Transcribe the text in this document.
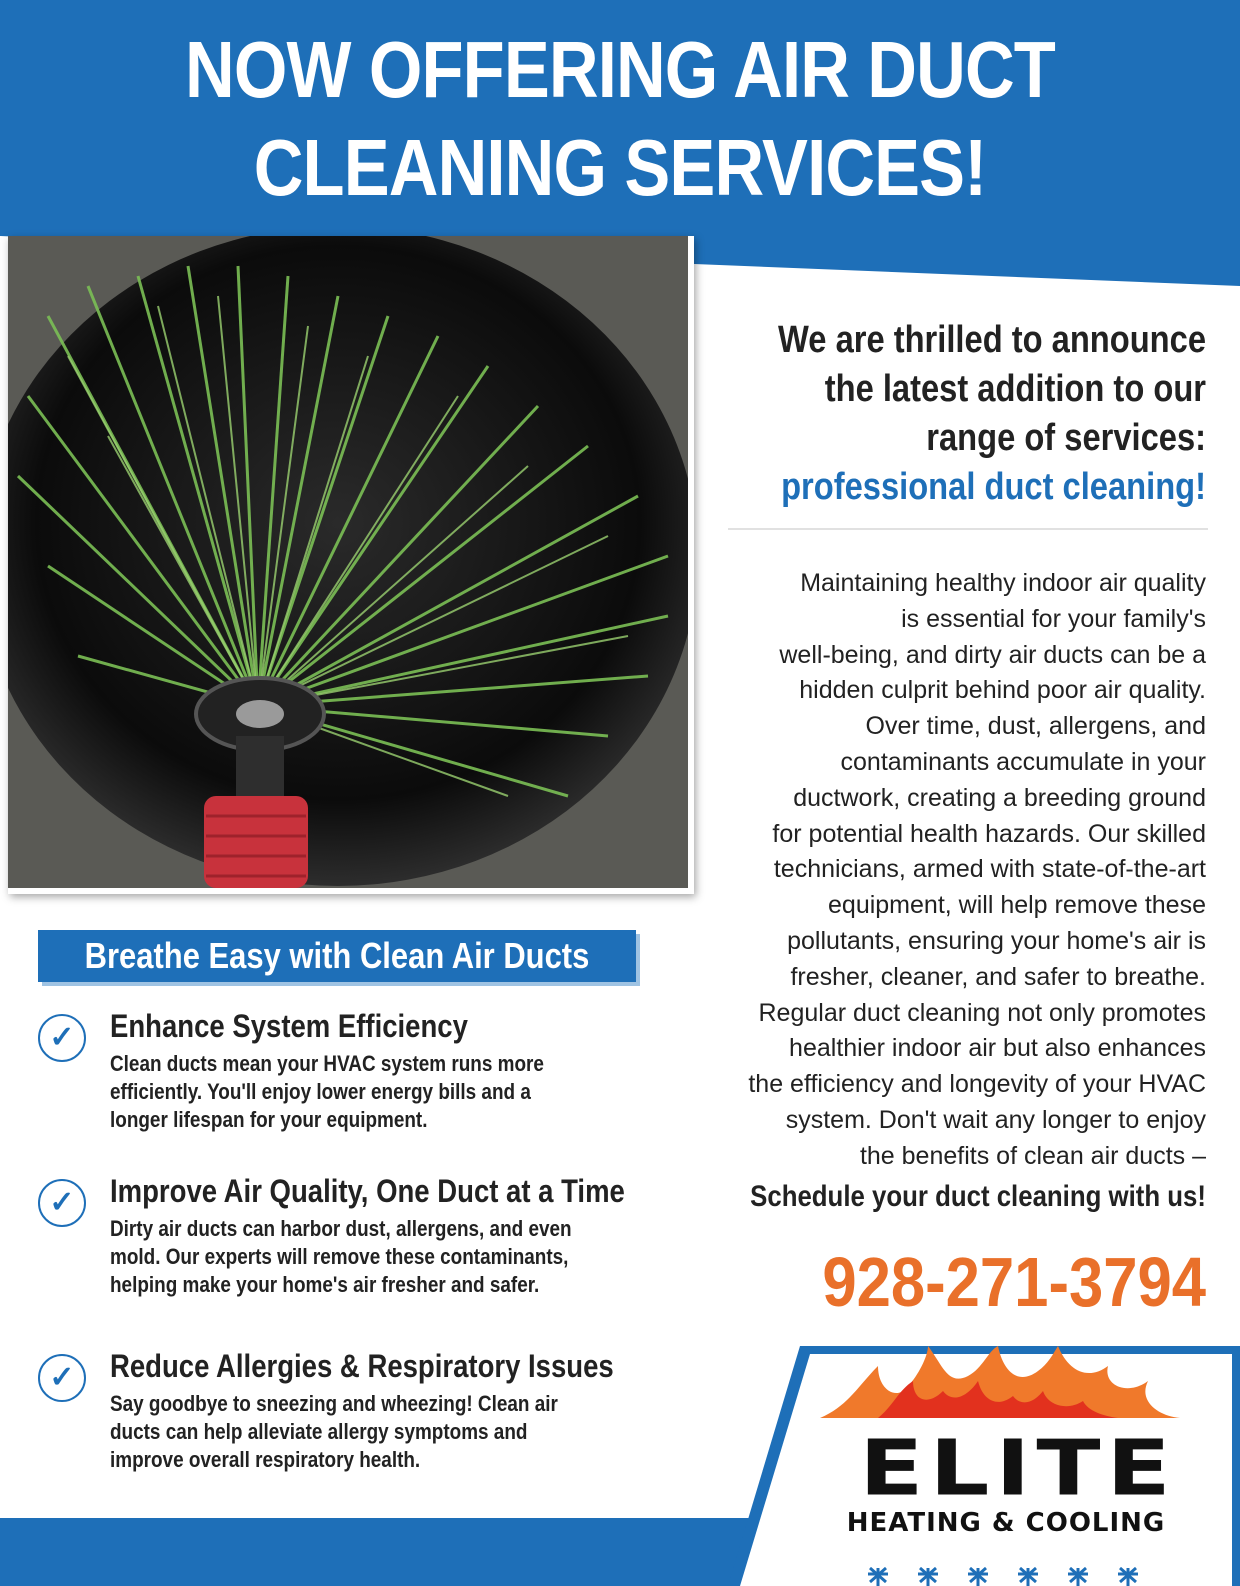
NOW OFFERING AIR DUCT
CLEANING SERVICES!
We are thrilled to announce
the latest addition to our
range of services:
professional duct cleaning!
Maintaining healthy indoor air quality
is essential for your family's
well-being, and dirty air ducts can be a
hidden culprit behind poor air quality.
Over time, dust, allergens, and
contaminants accumulate in your
ductwork, creating a breeding ground
for potential health hazards. Our skilled
technicians, armed with state-of-the-art
equipment, will help remove these
pollutants, ensuring your home's air is
fresher, cleaner, and safer to breathe.
Regular duct cleaning not only promotes
healthier indoor air but also enhances
the efficiency and longevity of your HVAC
system. Don't wait any longer to enjoy
the benefits of clean air ducts –
Schedule your duct cleaning with us!
928-271-3794
Breathe Easy with Clean Air Ducts
✓	Enhance System Efficiency
Clean ducts mean your HVAC system runs more
efficiently. You'll enjoy lower energy bills and a
longer lifespan for your equipment.
✓	Improve Air Quality, One Duct at a Time
Dirty air ducts can harbor dust, allergens, and even
mold. Our experts will remove these contaminants,
helping make your home's air fresher and safer.
✓	Reduce Allergies & Respiratory Issues
Say goodbye to sneezing and wheezing! Clean air
ducts can help alleviate allergy symptoms and
improve overall respiratory health.	ELITE
HEATING & COOLING
